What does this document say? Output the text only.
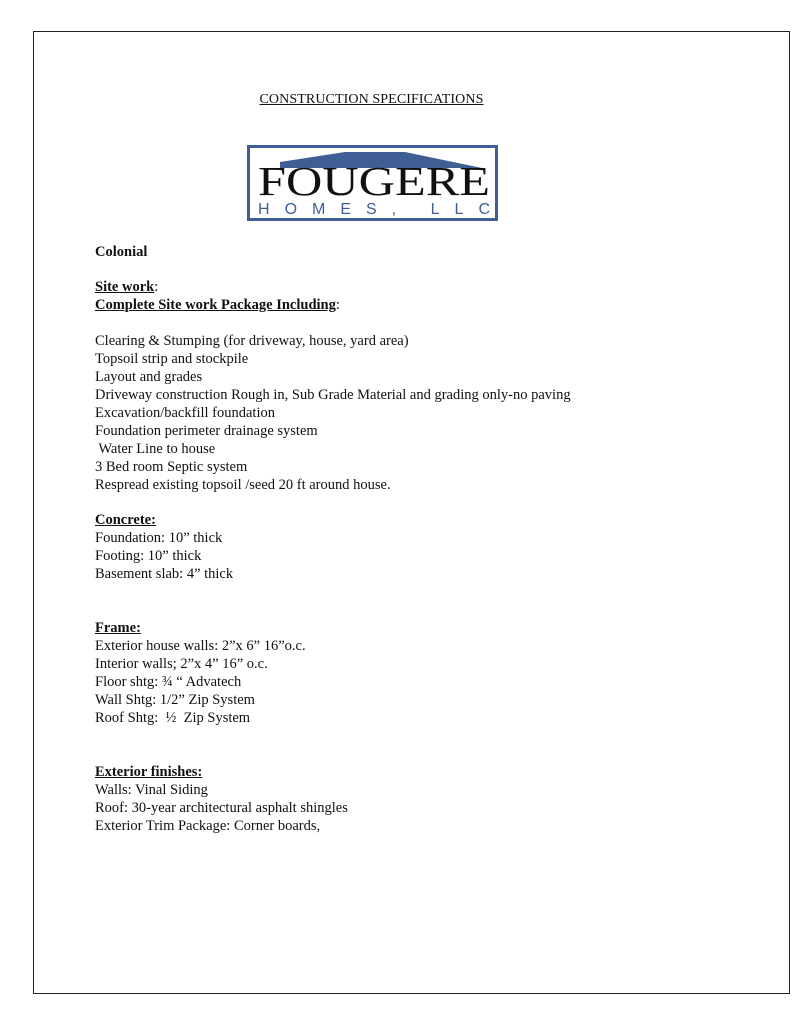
CONSTRUCTION SPECIFICATIONS
FOUGERE
HOMES, LLC
Colonial
Site work:
Complete Site work Package Including:
Clearing & Stumping (for driveway, house, yard area)
Topsoil strip and stockpile
Layout and grades
Driveway construction Rough in, Sub Grade Material and grading only-no paving
Excavation/backfill foundation
Foundation perimeter drainage system
Water Line to house
3 Bed room Septic system
Respread existing topsoil /seed 20 ft around house.
Concrete:
Foundation: 10” thick
Footing: 10” thick
Basement slab: 4” thick
Frame:
Exterior house walls: 2”x 6” 16”o.c.
Interior walls; 2”x 4” 16” o.c.
Floor shtg: ¾ “ Advatech
Wall Shtg: 1/2” Zip System
Roof Shtg:  ½  Zip System
Exterior finishes:
Walls: Vinal Siding
Roof: 30-year architectural asphalt shingles
Exterior Trim Package: Corner boards,
